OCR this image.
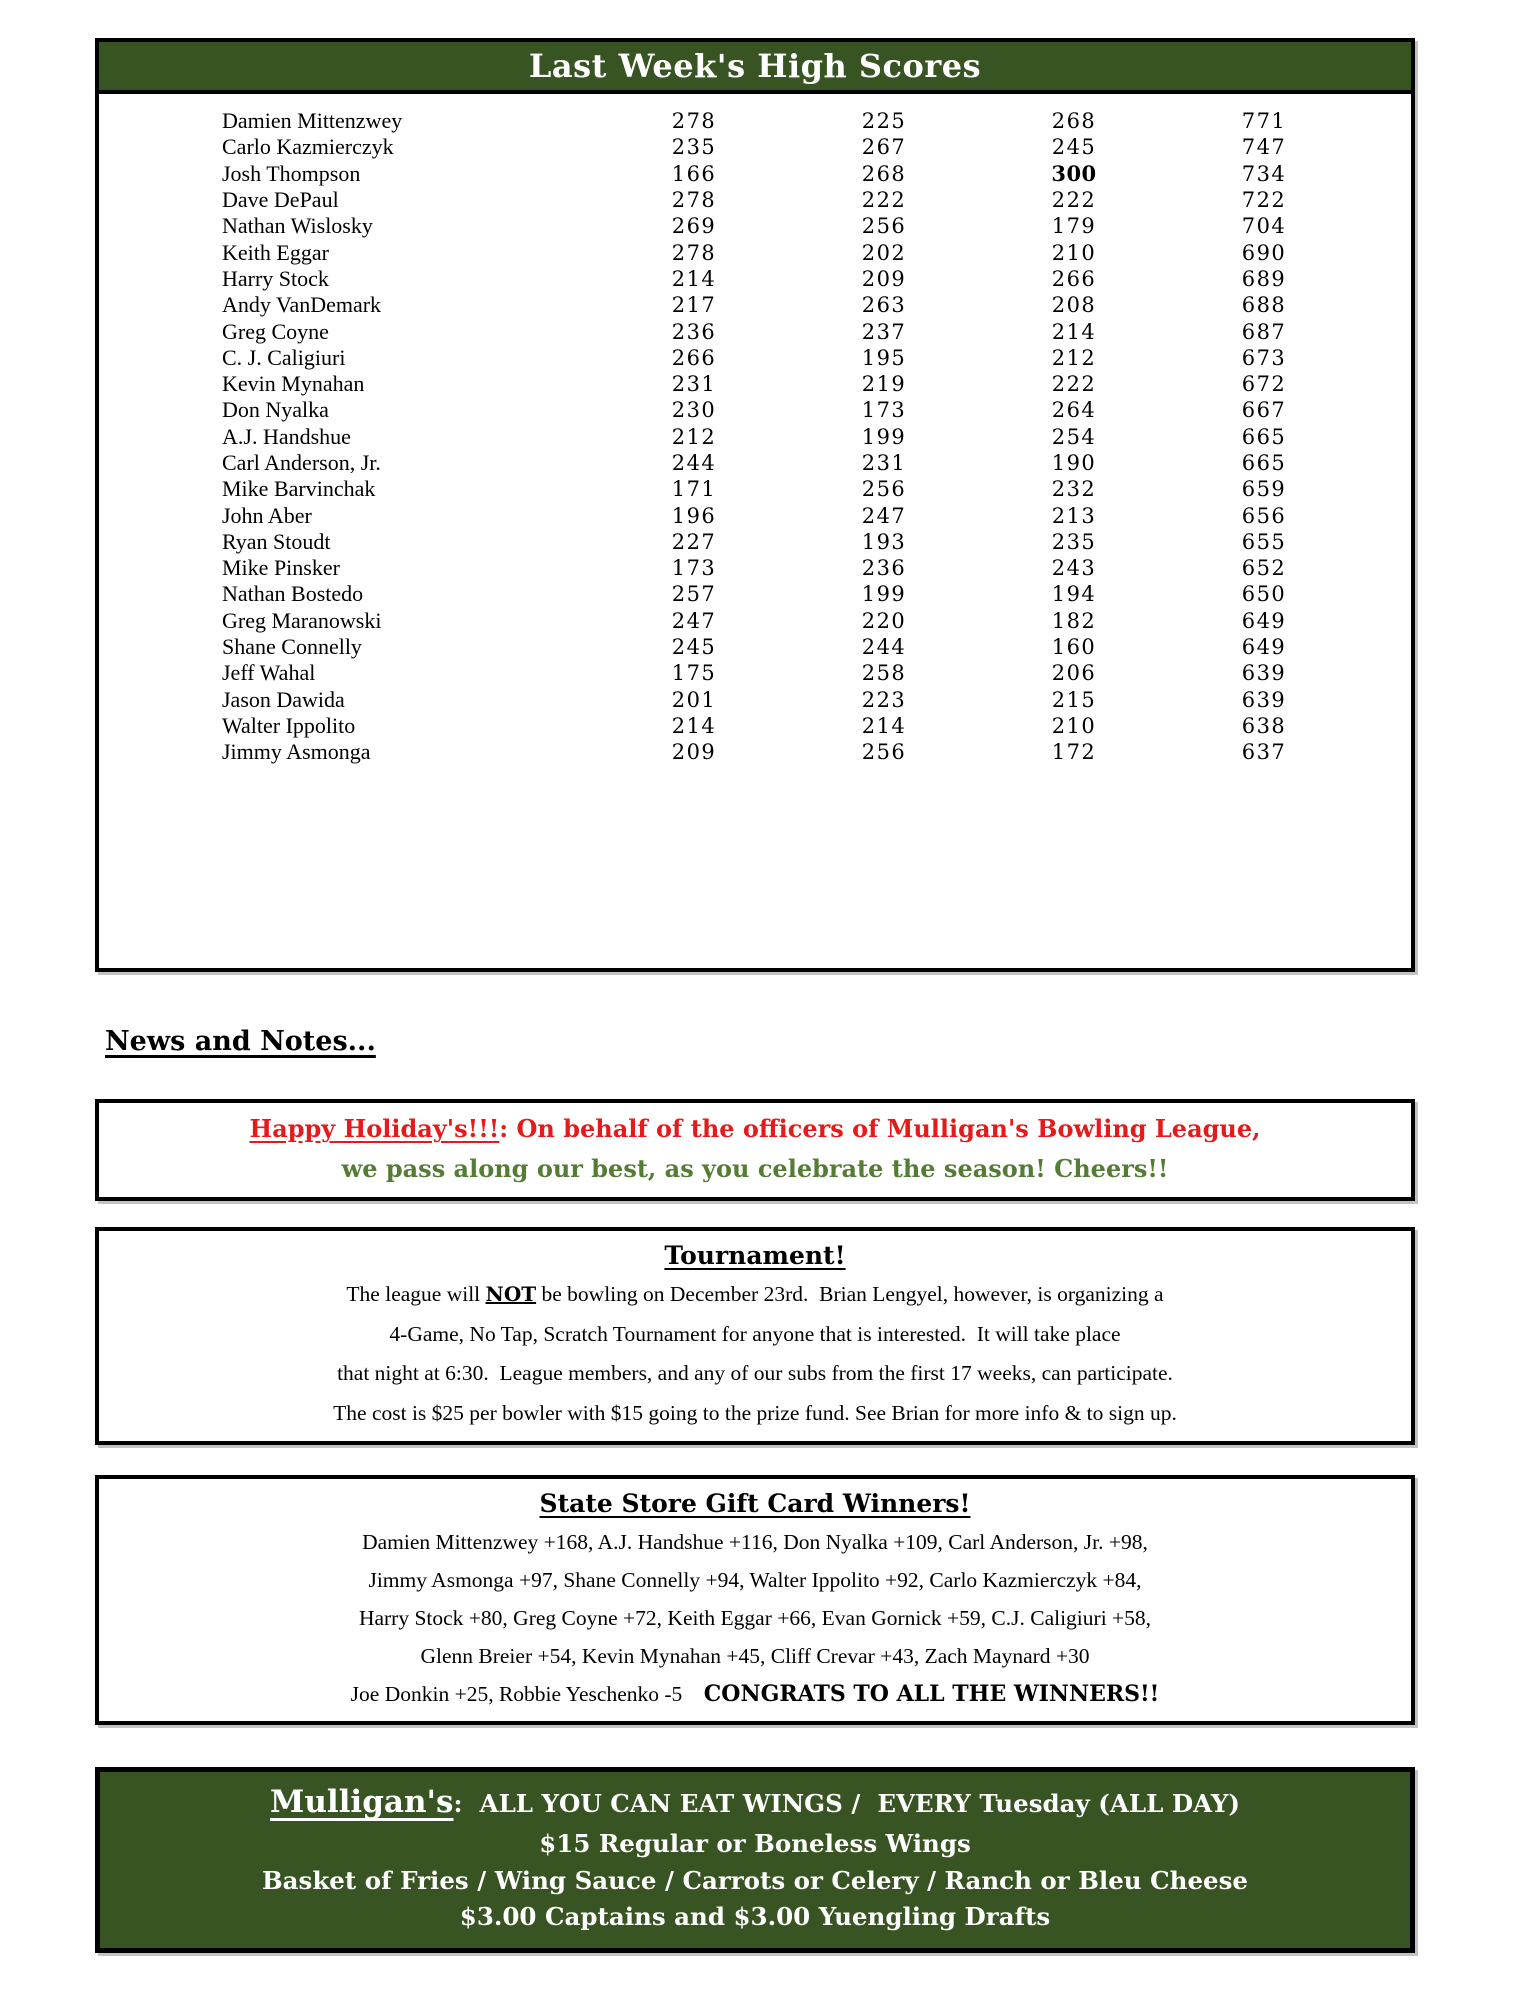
Last Week's High Scores
Damien Mittenzwey	278	225	268	771
Carlo Kazmierczyk	235	267	245	747
Josh Thompson	166	268	300	734
Dave DePaul	278	222	222	722
Nathan Wislosky	269	256	179	704
Keith Eggar	278	202	210	690
Harry Stock	214	209	266	689
Andy VanDemark	217	263	208	688
Greg Coyne	236	237	214	687
C. J. Caligiuri	266	195	212	673
Kevin Mynahan	231	219	222	672
Don Nyalka	230	173	264	667
A.J. Handshue	212	199	254	665
Carl Anderson, Jr.	244	231	190	665
Mike Barvinchak	171	256	232	659
John Aber	196	247	213	656
Ryan Stoudt	227	193	235	655
Mike Pinsker	173	236	243	652
Nathan Bostedo	257	199	194	650
Greg Maranowski	247	220	182	649
Shane Connelly	245	244	160	649
Jeff Wahal	175	258	206	639
Jason Dawida	201	223	215	639
Walter Ippolito	214	214	210	638
Jimmy Asmonga	209	256	172	637
News and Notes...
Happy Holiday's!!!: On behalf of the officers of Mulligan's Bowling League,
we pass along our best, as you celebrate the season! Cheers!!
Tournament!
The league will NOT be bowling on December 23rd.  Brian Lengyel, however, is organizing a
4-Game, No Tap, Scratch Tournament for anyone that is interested.  It will take place
that night at 6:30.  League members, and any of our subs from the first 17 weeks, can participate.
The cost is $25 per bowler with $15 going to the prize fund. See Brian for more info & to sign up.
State Store Gift Card Winners!
Damien Mittenzwey +168, A.J. Handshue +116, Don Nyalka +109, Carl Anderson, Jr. +98,
Jimmy Asmonga +97, Shane Connelly +94, Walter Ippolito +92, Carlo Kazmierczyk +84,
Harry Stock +80, Greg Coyne +72, Keith Eggar +66, Evan Gornick +59, C.J. Caligiuri +58,
Glenn Breier +54, Kevin Mynahan +45, Cliff Crevar +43, Zach Maynard +30
Joe Donkin +25, Robbie Yeschenko -5    CONGRATS TO ALL THE WINNERS!!
Mulligan's:  ALL YOU CAN EAT WINGS /  EVERY Tuesday (ALL DAY)
$15 Regular or Boneless Wings
Basket of Fries / Wing Sauce / Carrots or Celery / Ranch or Bleu Cheese
$3.00 Captains and $3.00 Yuengling Drafts
